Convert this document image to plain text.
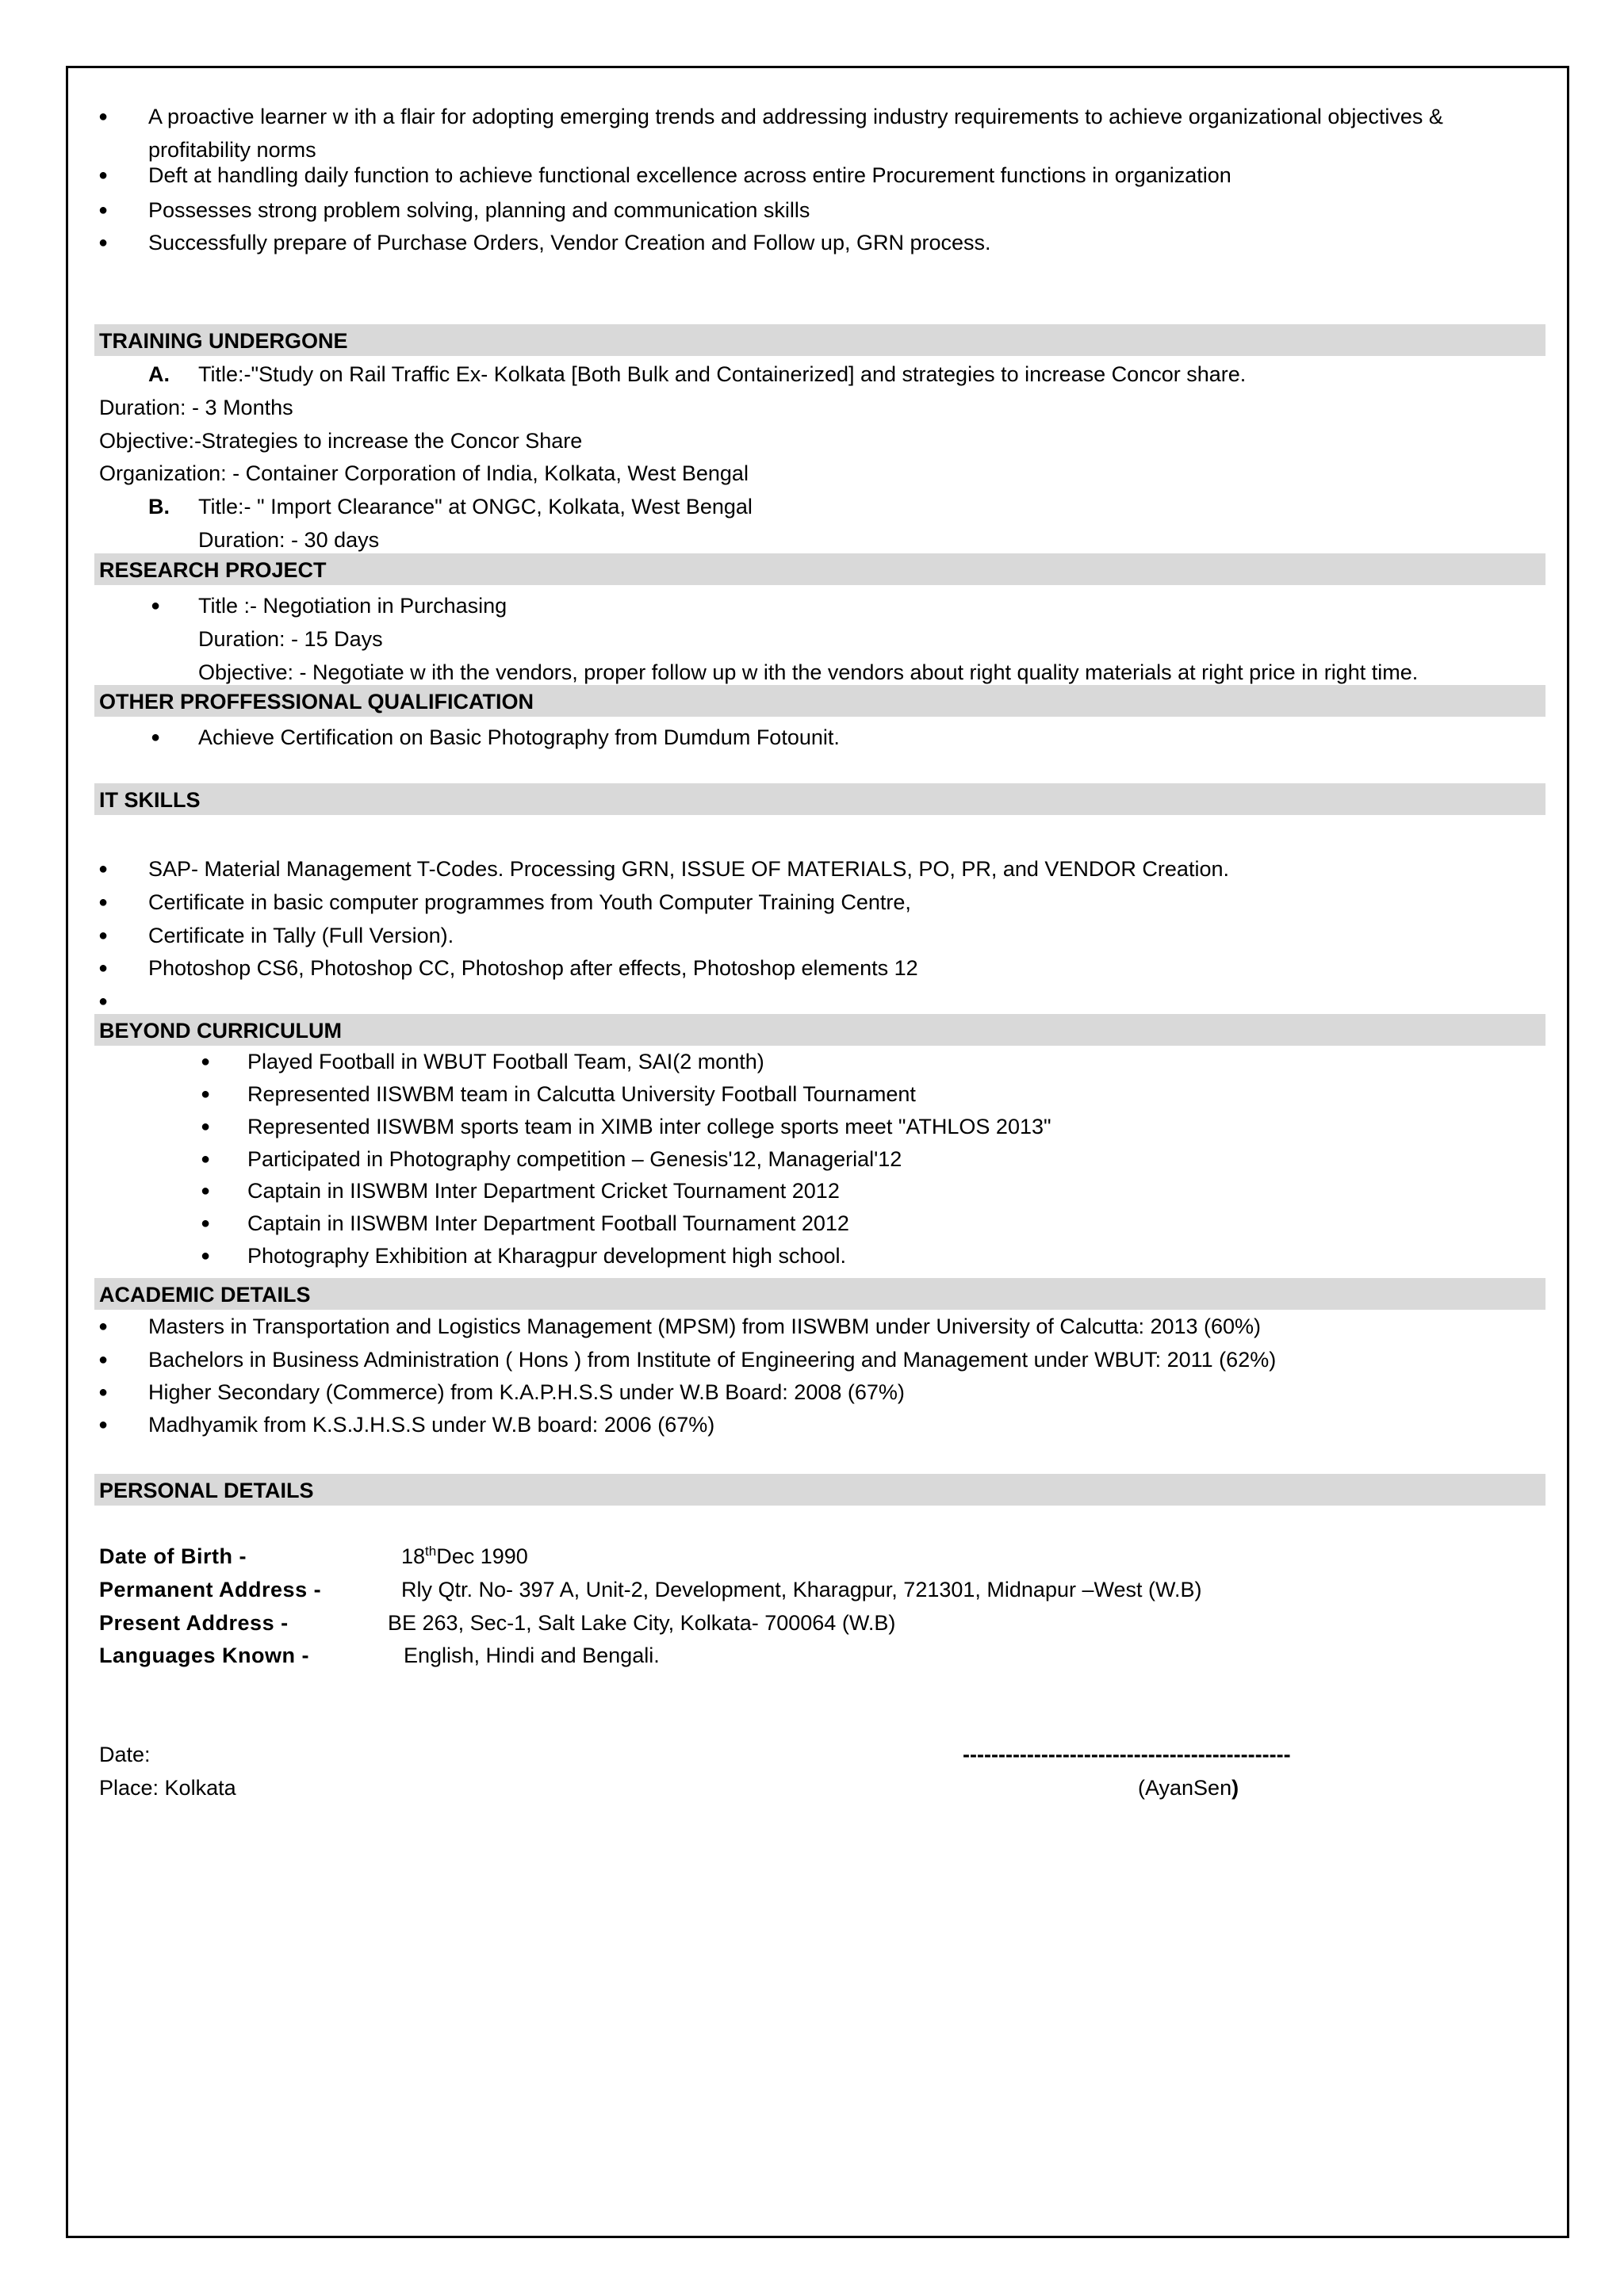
● A proactive learner w ith a flair for adopting emerging trends and addressing industry requirements to achieve organizational objectives &
profitability norms
● Deft at handling daily function to achieve functional excellence across entire Procurement functions in organization
● Possesses strong problem solving, planning and communication skills
● Successfully prepare of Purchase Orders, Vendor Creation and Follow up, GRN process.
TRAINING UNDERGONE
A. Title:-"Study on Rail Traffic Ex- Kolkata [Both Bulk and Containerized] and strategies to increase Concor share.
Duration: - 3 Months
Objective:-Strategies to increase the Concor Share
Organization: - Container Corporation of India, Kolkata, West Bengal
B. Title:- " Import Clearance" at ONGC, Kolkata, West Bengal
Duration: - 30 days
RESEARCH PROJECT
● Title :- Negotiation in Purchasing
Duration: - 15 Days
Objective: - Negotiate w ith the vendors, proper follow up w ith the vendors about right quality materials at right price in right time.
OTHER PROFFESSIONAL QUALIFICATION
● Achieve Certification on Basic Photography from Dumdum Fotounit.
IT SKILLS
● SAP- Material Management T-Codes. Processing GRN, ISSUE OF MATERIALS, PO, PR, and VENDOR Creation.
● Certificate in basic computer programmes from Youth Computer Training Centre,
● Certificate in Tally (Full Version).
● Photoshop CS6, Photoshop CC, Photoshop after effects, Photoshop elements 12
●
BEYOND CURRICULUM
● Played Football in WBUT Football Team, SAI(2 month)
● Represented IISWBM team in Calcutta University Football Tournament
● Represented IISWBM sports team in XIMB inter college sports meet "ATHLOS 2013"
● Participated in Photography competition – Genesis'12, Managerial'12
● Captain in IISWBM Inter Department Cricket Tournament 2012
● Captain in IISWBM Inter Department Football Tournament 2012
● Photography Exhibition at Kharagpur development high school.
ACADEMIC DETAILS
● Masters in Transportation and Logistics Management (MPSM) from IISWBM under University of Calcutta: 2013 (60%)
● Bachelors in Business Administration ( Hons ) from Institute of Engineering and Management under WBUT: 2011 (62%)
● Higher Secondary (Commerce) from K.A.P.H.S.S under W.B Board: 2008 (67%)
● Madhyamik from K.S.J.H.S.S under W.B board: 2006 (67%)
PERSONAL DETAILS
Date of Birth -	18thDec 1990
Permanent Address -	Rly Qtr. No- 397 A, Unit-2, Development, Kharagpur, 721301, Midnapur –West (W.B)
Present Address -	BE 263, Sec-1, Salt Lake City, Kolkata- 700064 (W.B)
Languages Known -	English, Hindi and Bengali.
Date:
Place: Kolkata
----------------------------------------------
(AyanSen)
